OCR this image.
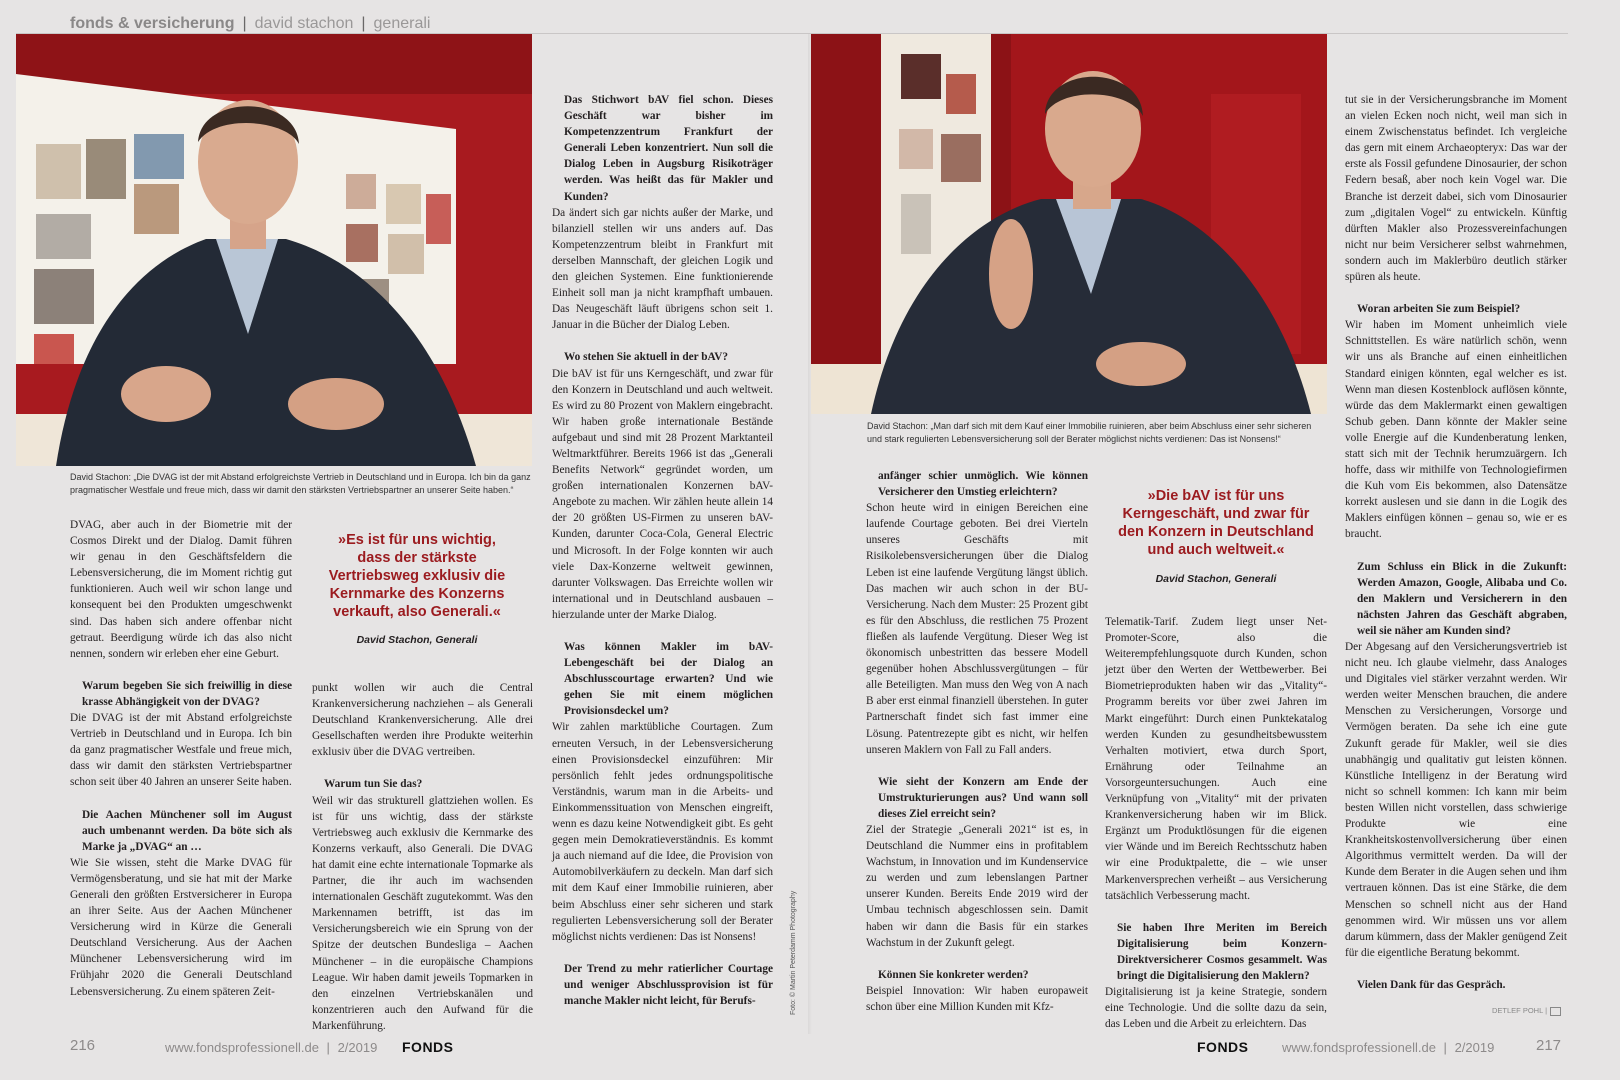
fonds & versicherung | david stachon | generali
David Stachon: „Die DVAG ist der mit Abstand erfolgreichste Vertrieb in Deutschland und in Europa. Ich bin da ganz pragmatischer Westfale und freue mich, dass wir damit den stärksten Vertriebspartner an unserer Seite haben.“

DVAG, aber auch in der Biometrie mit der Cosmos Direkt und der Dialog. Damit führen wir genau in den Geschäftsfeldern die Lebensversicherung, die im Moment richtig gut funktionieren. Auch weil wir schon lange und konsequent bei den Produkten umgeschwenkt sind. Das haben sich andere offenbar nicht getraut. Beerdigung würde ich das also nicht nennen, sondern wir erleben eher eine Geburt.

Warum begeben Sie sich freiwillig in diese krasse Abhängigkeit von der DVAG?

Die DVAG ist der mit Abstand erfolgreichste Vertrieb in Deutschland und in Europa. Ich bin da ganz pragmatischer Westfale und freue mich, dass wir damit den stärksten Vertriebspartner schon seit über 40 Jahren an unserer Seite haben.

Die Aachen Münchener soll im August auch umbenannt werden. Da böte sich als Marke ja „DVAG“ an …

Wie Sie wissen, steht die Marke DVAG für Vermögensberatung, und sie hat mit der Marke Generali den größten Erstversicherer in Europa an ihrer Seite. Aus der Aachen Münchener Versicherung wird in Kürze die Generali Deutschland Versicherung. Aus der Aachen Münchener Lebensversicherung wird im Frühjahr 2020 die Generali Deutschland Lebensversicherung. Zu einem späteren Zeit-

»Es ist für uns wichtig, dass der stärkste Vertriebsweg exklusiv die Kernmarke des Konzerns verkauft, also Generali.«
David Stachon, Generali

punkt wollen wir auch die Central Krankenversicherung nachziehen – als Generali Deutschland Krankenversicherung. Alle drei Gesellschaften werden ihre Produkte weiterhin exklusiv über die DVAG vertreiben.

Warum tun Sie das?

Weil wir das strukturell glattziehen wollen. Es ist für uns wichtig, dass der stärkste Vertriebsweg auch exklusiv die Kernmarke des Konzerns verkauft, also Generali. Die DVAG hat damit eine echte internationale Topmarke als Partner, die ihr auch im wachsenden internationalen Geschäft zugutekommt. Was den Markennamen betrifft, ist das im Versicherungsbereich wie ein Sprung von der Spitze der deutschen Bundesliga – Aachen Münchener – in die europäische Champions League. Wir haben damit jeweils Topmarken in den einzelnen Vertriebskanälen und konzentrieren auch den Aufwand für die Markenführung.

Das Stichwort bAV fiel schon. Dieses Geschäft war bisher im Kompetenzzentrum Frankfurt der Generali Leben konzentriert. Nun soll die Dialog Leben in Augsburg Risikoträger werden. Was heißt das für Makler und Kunden?

Da ändert sich gar nichts außer der Marke, und bilanziell stellen wir uns anders auf. Das Kompetenzzentrum bleibt in Frankfurt mit derselben Mannschaft, der gleichen Logik und den gleichen Systemen. Eine funktionierende Einheit soll man ja nicht krampfhaft umbauen. Das Neugeschäft läuft übrigens schon seit 1. Januar in die Bücher der Dialog Leben.

Wo stehen Sie aktuell in der bAV?

Die bAV ist für uns Kerngeschäft, und zwar für den Konzern in Deutschland und auch weltweit. Es wird zu 80 Prozent von Maklern eingebracht. Wir haben große internationale Bestände aufgebaut und sind mit 28 Prozent Marktanteil Weltmarktführer. Bereits 1966 ist das „Generali Benefits Network“ gegründet worden, um großen internationalen Konzernen bAV-Angebote zu machen. Wir zählen heute allein 14 der 20 größten US-Firmen zu unseren bAV-Kunden, darunter Coca-Cola, General Electric und Microsoft. In der Folge konnten wir auch viele Dax-Konzerne weltweit gewinnen, darunter Volkswagen. Das Erreichte wollen wir international und in Deutschland ausbauen – hierzulande unter der Marke Dialog.

Was können Makler im bAV-Lebengeschäft bei der Dialog an Abschlusscourtage erwarten? Und wie gehen Sie mit einem möglichen Provisionsdeckel um?

Wir zahlen marktübliche Courtagen. Zum erneuten Versuch, in der Lebensversicherung einen Provisionsdeckel einzuführen: Mir persönlich fehlt jedes ordnungspolitische Verständnis, warum man in die Arbeits- und Einkommenssituation von Menschen eingreift, wenn es dazu keine Notwendigkeit gibt. Es geht gegen mein Demokratieverständnis. Es kommt ja auch niemand auf die Idee, die Provision von Automobilverkäufern zu deckeln. Man darf sich mit dem Kauf einer Immobilie ruinieren, aber beim Abschluss einer sehr sicheren und stark regulierten Lebensversicherung soll der Berater möglichst nichts verdienen: Das ist Nonsens!

Der Trend zu mehr ratierlicher Courtage und weniger Abschlussprovision ist für manche Makler nicht leicht, für Berufs-	Foto: © Martin Peterdamm Photography
David Stachon: „Man darf sich mit dem Kauf einer Immobilie ruinieren, aber beim Abschluss einer sehr sicheren und stark regulierten Lebensversicherung soll der Berater möglichst nichts verdienen: Das ist Nonsens!“

anfänger schier unmöglich. Wie können Versicherer den Umstieg erleichtern?

Schon heute wird in einigen Bereichen eine laufende Courtage geboten. Bei drei Vierteln unseres Geschäfts mit Risikolebensversicherungen über die Dialog Leben ist eine laufende Vergütung längst üblich. Das machen wir auch schon in der BU-Versicherung. Nach dem Muster: 25 Prozent gibt es für den Abschluss, die restlichen 75 Prozent fließen als laufende Vergütung. Dieser Weg ist ökonomisch unbestritten das bessere Modell gegenüber hohen Abschlussvergütungen – für alle Beteiligten. Man muss den Weg von A nach B aber erst einmal finanziell überstehen. In guter Partnerschaft findet sich fast immer eine Lösung. Patentrezepte gibt es nicht, wir helfen unseren Maklern von Fall zu Fall anders.

Wie sieht der Konzern am Ende der Umstrukturierungen aus? Und wann soll dieses Ziel erreicht sein?

Ziel der Strategie „Generali 2021“ ist es, in Deutschland die Nummer eins in profitablem Wachstum, in Innovation und im Kundenservice zu werden und zum lebenslangen Partner unserer Kunden. Bereits Ende 2019 wird der Umbau technisch abgeschlossen sein. Damit haben wir dann die Basis für ein starkes Wachstum in der Zukunft gelegt.

Können Sie konkreter werden?

Beispiel Innovation: Wir haben europaweit schon über eine Million Kunden mit Kfz-

»Die bAV ist für uns Kerngeschäft, und zwar für den Konzern in Deutschland und auch weltweit.«
David Stachon, Generali

Telematik-Tarif. Zudem liegt unser Net-Promoter-Score, also die Weiterempfehlungsquote durch Kunden, schon jetzt über den Werten der Wettbewerber. Bei Biometrieprodukten haben wir das „Vitality“-Programm bereits vor über zwei Jahren im Markt eingeführt: Durch einen Punktekatalog werden Kunden zu gesundheitsbewusstem Verhalten motiviert, etwa durch Sport, Ernährung oder Teilnahme an Vorsorgeuntersuchungen. Auch eine Verknüpfung von „Vitality“ mit der privaten Krankenversicherung haben wir im Blick. Ergänzt um Produktlösungen für die eigenen vier Wände und im Bereich Rechtsschutz haben wir eine Produktpalette, die – wie unser Markenversprechen verheißt – aus Versicherung tatsächlich Verbesserung macht.

Sie haben Ihre Meriten im Bereich Digitalisierung beim Konzern-Direktversicherer Cosmos gesammelt. Was bringt die Digitalisierung den Maklern?

Digitalisierung ist ja keine Strategie, sondern eine Technologie. Und die sollte dazu da sein, das Leben und die Arbeit zu erleichtern. Das

tut sie in der Versicherungsbranche im Moment an vielen Ecken noch nicht, weil man sich in einem Zwischenstatus befindet. Ich vergleiche das gern mit einem Archaeopteryx: Das war der erste als Fossil gefundene Dinosaurier, der schon Federn besaß, aber noch kein Vogel war. Die Branche ist derzeit dabei, sich vom Dinosaurier zum „digitalen Vogel“ zu entwickeln. Künftig dürften Makler also Prozessvereinfachungen nicht nur beim Versicherer selbst wahrnehmen, sondern auch im Maklerbüro deutlich stärker spüren als heute.

Woran arbeiten Sie zum Beispiel?

Wir haben im Moment unheimlich viele Schnittstellen. Es wäre natürlich schön, wenn wir uns als Branche auf einen einheitlichen Standard einigen könnten, egal welcher es ist. Wenn man diesen Kostenblock auflösen könnte, würde das dem Maklermarkt einen gewaltigen Schub geben. Dann könnte der Makler seine volle Energie auf die Kundenberatung lenken, statt sich mit der Technik herumzuärgern. Ich hoffe, dass wir mithilfe von Technologiefirmen die Kuh vom Eis bekommen, also Datensätze korrekt auslesen und sie dann in die Logik des Maklers einfügen können – genau so, wie er es braucht.

Zum Schluss ein Blick in die Zukunft: Werden Amazon, Google, Alibaba und Co. den Maklern und Versicherern in den nächsten Jahren das Geschäft abgraben, weil sie näher am Kunden sind?

Der Abgesang auf den Versicherungsvertrieb ist nicht neu. Ich glaube vielmehr, dass Analoges und Digitales viel stärker verzahnt werden. Wir werden weiter Menschen brauchen, die andere Menschen zu Versicherungen, Vorsorge und Vermögen beraten. Da sehe ich eine gute Zukunft gerade für Makler, weil sie dies unabhängig und qualitativ gut leisten können. Künstliche Intelligenz in der Beratung wird nicht so schnell kommen: Ich kann mir beim besten Willen nicht vorstellen, dass schwierige Produkte wie eine Krankheitskostenvollversicherung über einen Algorithmus vermittelt werden. Da will der Kunde dem Berater in die Augen sehen und ihm vertrauen können. Das ist eine Stärke, die dem Menschen so schnell nicht aus der Hand genommen wird. Wir müssen uns vor allem darum kümmern, dass der Makler genügend Zeit für die eigentliche Beratung bekommt.

Vielen Dank für das Gespräch.

DETLEF POHL |
216	www.fondsprofessionell.de | 2/2019 FONDS	FONDS	www.fondsprofessionell.de | 2/2019	217
